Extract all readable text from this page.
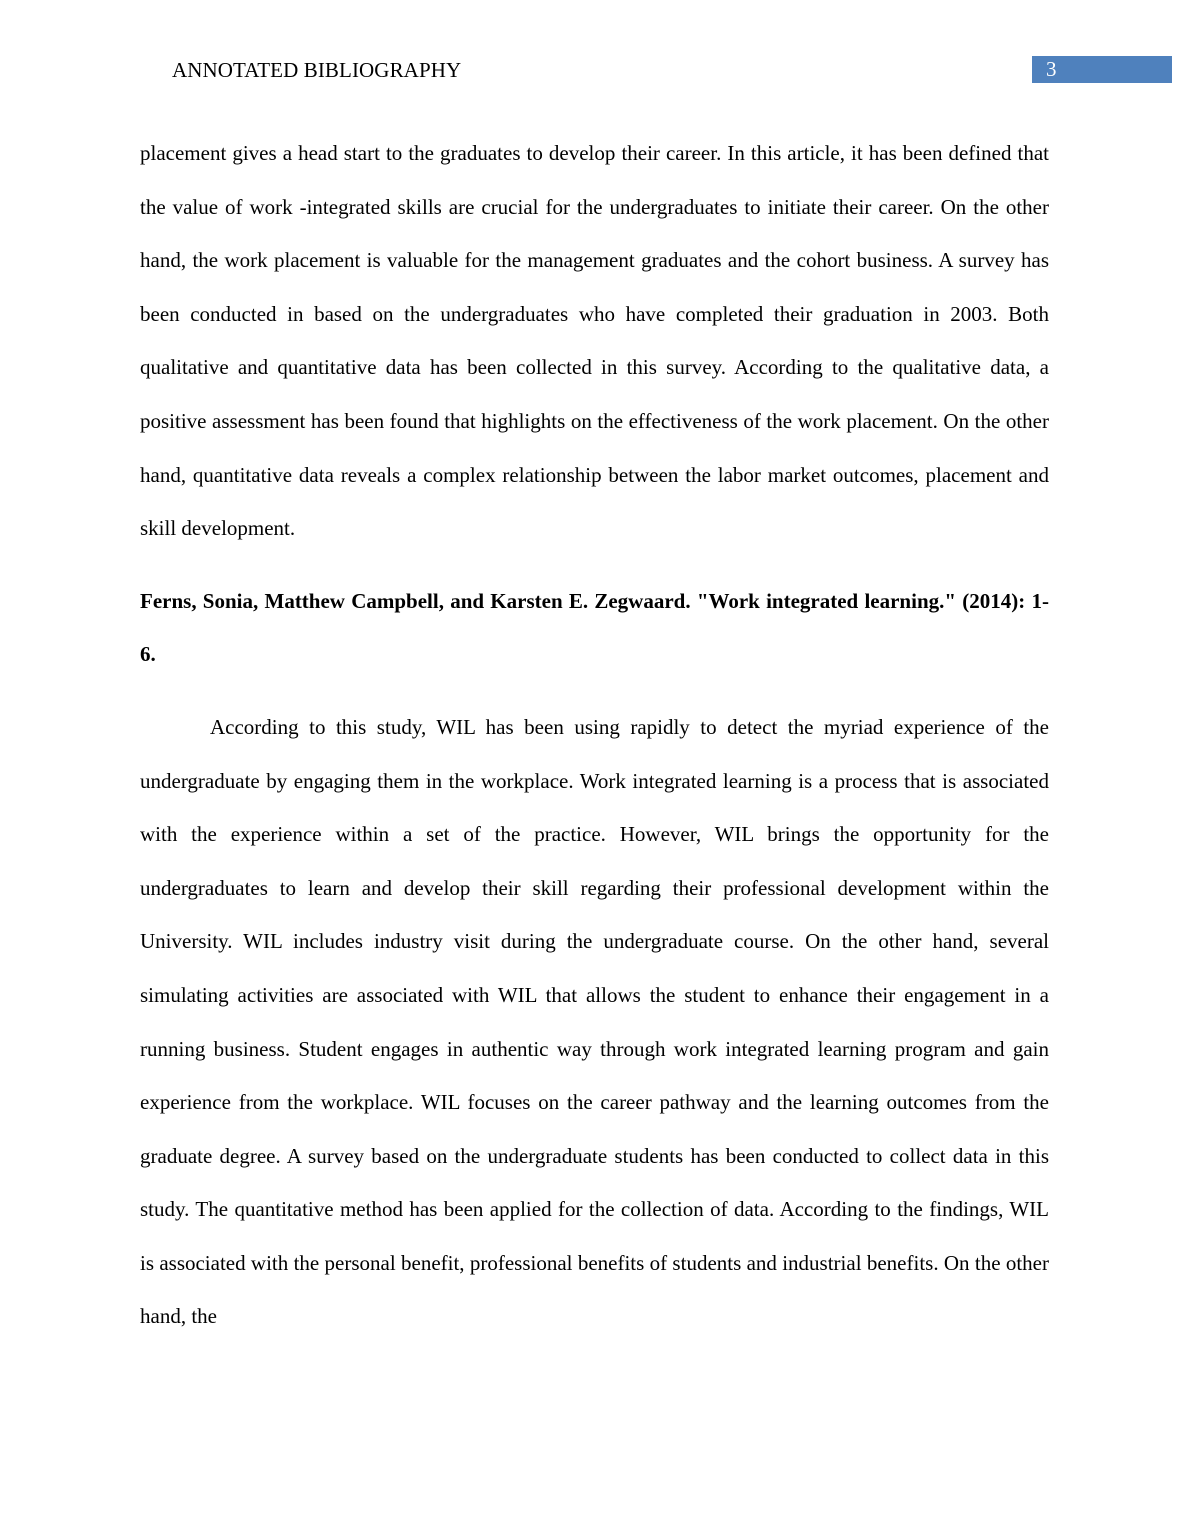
ANNOTATED BIBLIOGRAPHY	3

placement gives a head start to the graduates to develop their career. In this article, it has been defined that the value of work -integrated skills are crucial for the undergraduates to initiate their career. On the other hand, the work placement is valuable for the management graduates and the cohort business. A survey has been conducted in based on the undergraduates who have completed their graduation in 2003. Both qualitative and quantitative data has been collected in this survey. According to the qualitative data, a positive assessment has been found that highlights on the effectiveness of the work placement. On the other hand, quantitative data reveals a complex relationship between the labor market outcomes, placement and skill development.

Ferns, Sonia, Matthew Campbell, and Karsten E. Zegwaard. "Work integrated learning." (2014): 1-6.

According to this study, WIL has been using rapidly to detect the myriad experience of the undergraduate by engaging them in the workplace. Work integrated learning is a process that is associated with the experience within a set of the practice. However, WIL brings the opportunity for the undergraduates to learn and develop their skill regarding their professional development within the University. WIL includes industry visit during the undergraduate course. On the other hand, several simulating activities are associated with WIL that allows the student to enhance their engagement in a running business. Student engages in authentic way through work integrated learning program and gain experience from the workplace. WIL focuses on the career pathway and the learning outcomes from the graduate degree. A survey based on the undergraduate students has been conducted to collect data in this study. The quantitative method has been applied for the collection of data. According to the findings, WIL is associated with the personal benefit, professional benefits of students and industrial benefits. On the other hand, the
